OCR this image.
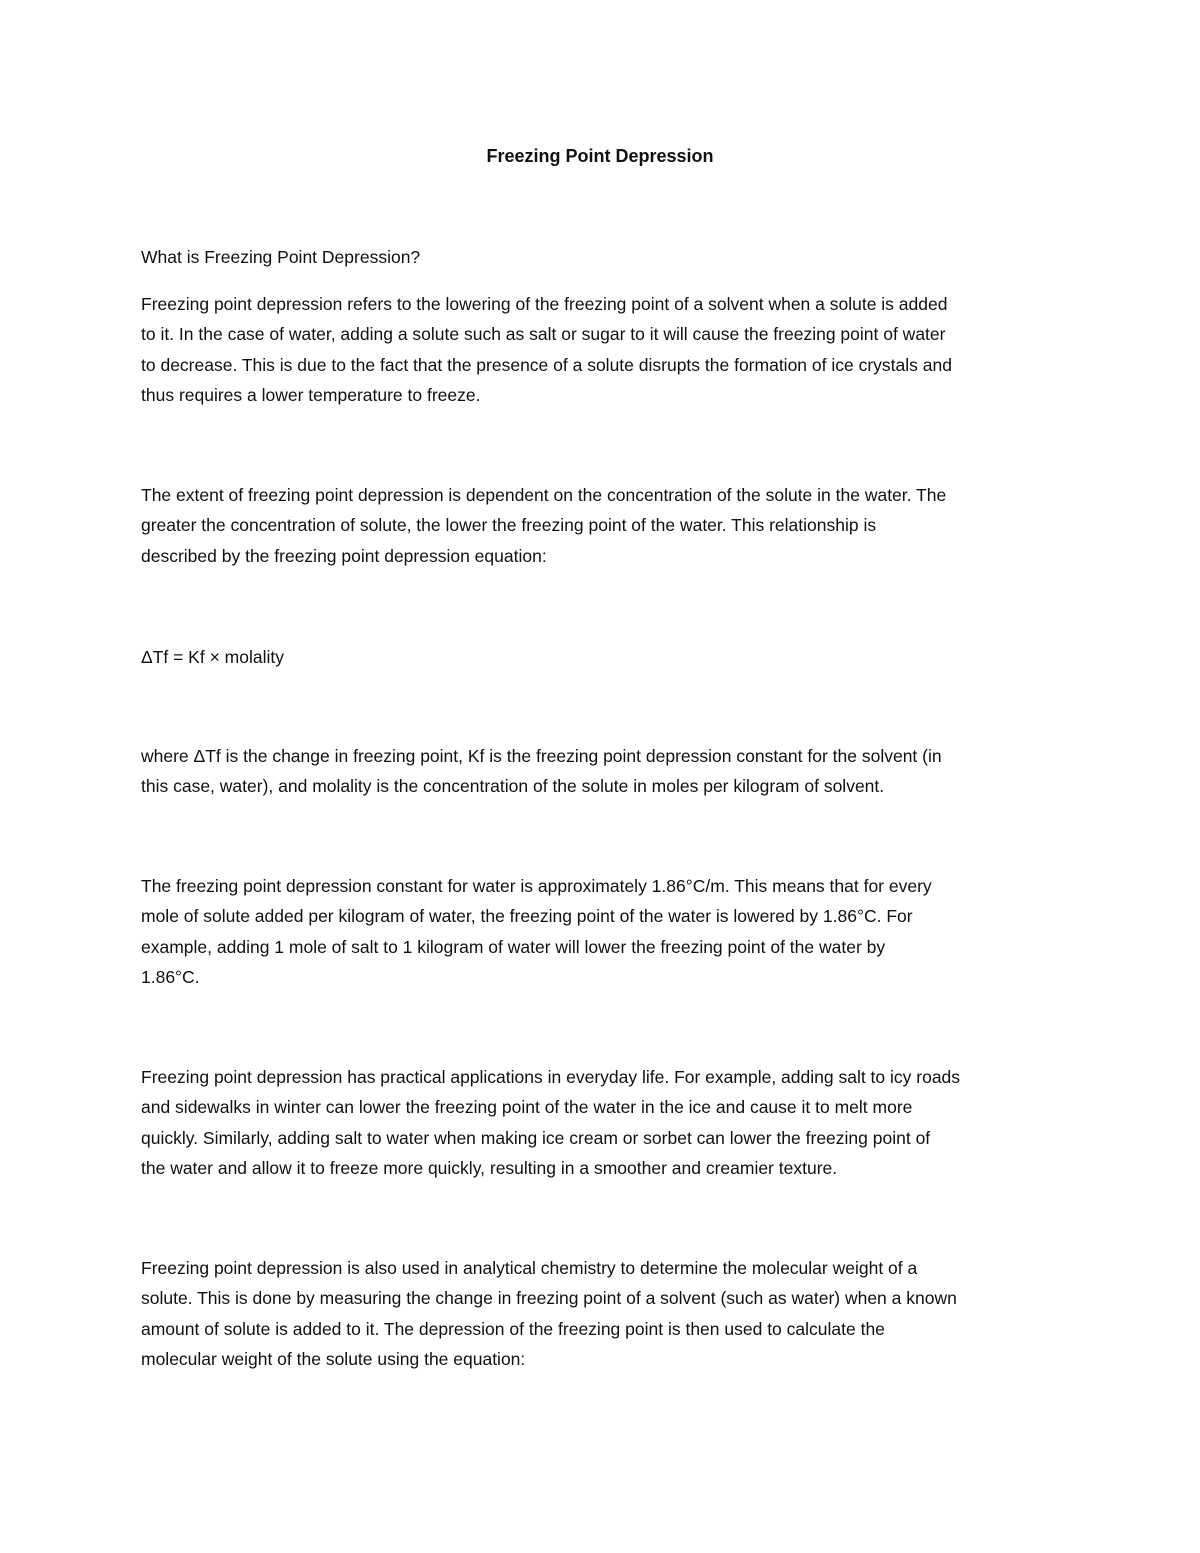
Freezing Point Depression

What is Freezing Point Depression?

Freezing point depression refers to the lowering of the freezing point of a solvent when a solute is added
to it. In the case of water, adding a solute such as salt or sugar to it will cause the freezing point of water
to decrease. This is due to the fact that the presence of a solute disrupts the formation of ice crystals and
thus requires a lower temperature to freeze.

The extent of freezing point depression is dependent on the concentration of the solute in the water. The
greater the concentration of solute, the lower the freezing point of the water. This relationship is
described by the freezing point depression equation:

ΔTf = Kf × molality

where ΔTf is the change in freezing point, Kf is the freezing point depression constant for the solvent (in
this case, water), and molality is the concentration of the solute in moles per kilogram of solvent.

The freezing point depression constant for water is approximately 1.86°C/m. This means that for every
mole of solute added per kilogram of water, the freezing point of the water is lowered by 1.86°C. For
example, adding 1 mole of salt to 1 kilogram of water will lower the freezing point of the water by
1.86°C.

Freezing point depression has practical applications in everyday life. For example, adding salt to icy roads
and sidewalks in winter can lower the freezing point of the water in the ice and cause it to melt more
quickly. Similarly, adding salt to water when making ice cream or sorbet can lower the freezing point of
the water and allow it to freeze more quickly, resulting in a smoother and creamier texture.

Freezing point depression is also used in analytical chemistry to determine the molecular weight of a
solute. This is done by measuring the change in freezing point of a solvent (such as water) when a known
amount of solute is added to it. The depression of the freezing point is then used to calculate the
molecular weight of the solute using the equation:
